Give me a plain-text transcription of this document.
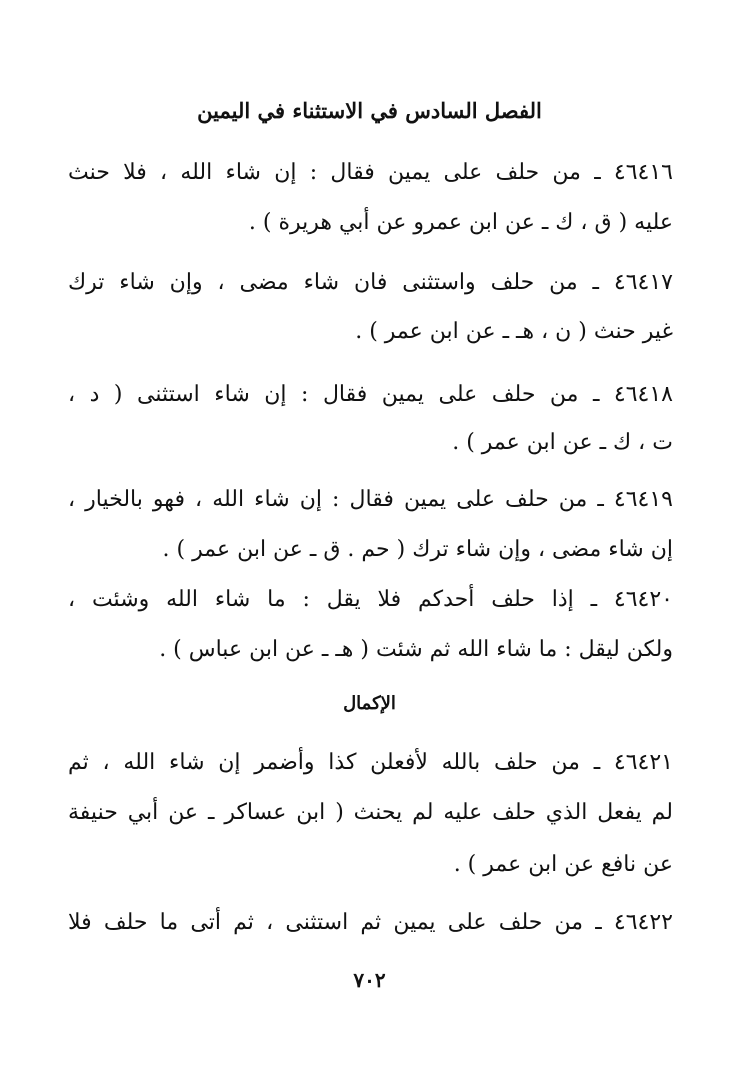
الفصل السادس في الاستثناء في اليمين
٤٦٤١٦ ـ من حلف على يمين فقال : إن شاء الله ، فلا حنث
عليه ( ق ، ك ـ عن ابن عمرو عن أبي هريرة ) .
٤٦٤١٧ ـ من حلف واستثنى فان شاء مضى ، وإن شاء ترك
غير حنث ( ن ، هـ ـ عن ابن عمر ) .
٤٦٤١٨ ـ من حلف على يمين فقال : إن شاء استثنى ( د ،
ت ، ك ـ عن ابن عمر ) .
٤٦٤١٩ ـ من حلف على يمين فقال : إن شاء الله ، فهو بالخيار ،
إن شاء مضى ، وإن شاء ترك ( حم . ق ـ عن ابن عمر ) .
٤٦٤٢٠ ـ إذا حلف أحدكم فلا يقل : ما شاء الله وشئت ،
ولكن ليقل : ما شاء الله ثم شئت ( هـ ـ عن ابن عباس ) .
الإكمال
٤٦٤٢١ ـ من حلف بالله لأفعلن كذا وأضمر إن شاء الله ، ثم
لم يفعل الذي حلف عليه لم يحنث ( ابن عساكر ـ عن أبي حنيفة
عن نافع عن ابن عمر ) .
٤٦٤٢٢ ـ من حلف على يمين ثم استثنى ، ثم أتى ما حلف فلا
٧٠٢
